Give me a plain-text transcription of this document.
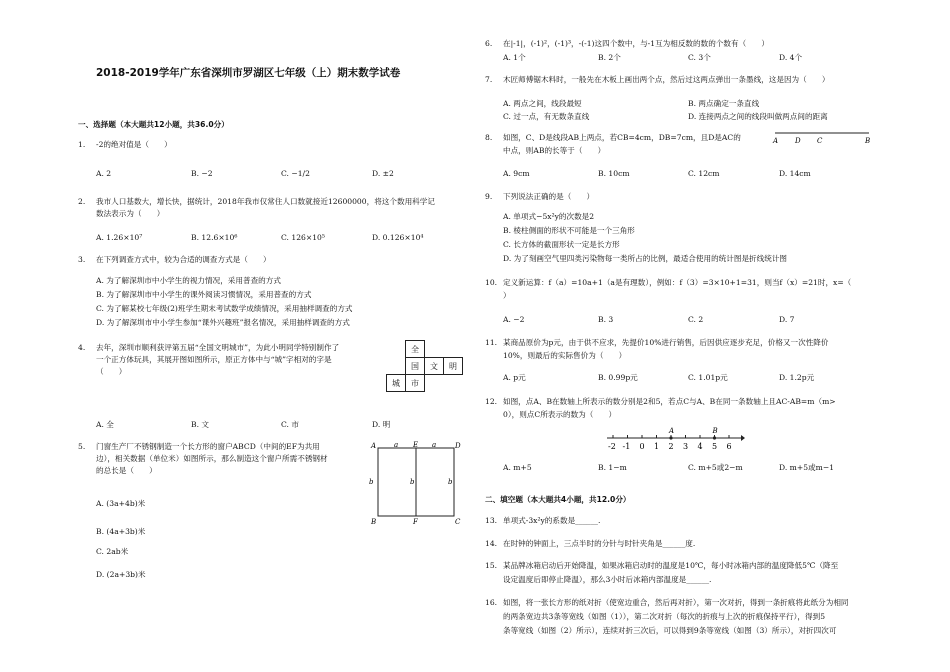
2018-2019学年广东省深圳市罗湖区七年级（上）期末数学试卷
一、选择题（本大题共12小题，共36.0分）
1. -2的绝对值是（　　）
A. 2	B. −2	C. −1/2	D. ±2
2. 我市人口基数大，增长快，据统计，2018年我市仅常住人口数就接近12600000，将这个数用科学记
数法表示为（　　）
A. 1.26×10⁷	B. 12.6×10⁶	C. 126×10⁵	D. 0.126×10⁴
3. 在下列调查方式中，较为合适的调查方式是（　　）
A. 为了解深圳市中小学生的视力情况，采用普查的方式
B. 为了解深圳市中小学生的课外阅读习惯情况，采用普查的方式
C. 为了解某校七年级(2)班学生期末考试数学成绩情况，采用抽样调查的方式
D. 为了解深圳市中小学生参加“课外兴趣班”报名情况，采用抽样调查的方式
4. 去年，深圳市顺利获评第五届“全国文明城市”，为此小明同学特别制作了
一个正方体玩具，其展开图如图所示，原正方体中与“城”字相对的字是
（　　）
	全		
	国	文	明
城	市		
A. 全	B. 文	C. 市	D. 明
5. 门窗生产厂不锈钢制造一个长方形的窗户ABCD（中间的EF为共用
边），相关数据（单位米）如图所示，那么制造这个窗户所需不锈钢材
的总长是（　　）
A. (3a+4b)米
B. (4a+3b)米
C. 2ab米
D. (2a+3b)米
A	a E a	D
b	b	b
B	F	C
6. 在|-1|，(-1)²，(-1)³，-(-1)这四个数中，与-1互为相反数的数的个数有（　　）
A. 1个	B. 2个	C. 3个	D. 4个
7. 木匠师傅锯木料时，一般先在木板上画出两个点，然后过这两点弹出一条墨线，这是因为（　　）
A. 两点之间，线段最短	B. 两点确定一条直线
C. 过一点，有无数条直线	D. 连接两点之间的线段叫做两点间的距离
8. 如图，C、D是线段AB上两点，若CB=4cm，DB=7cm，且D是AC的
中点，则AB的长等于（　　）
A D C	B
A. 9cm	B. 10cm	C. 12cm	D. 14cm
9. 下列说法正确的是（　　）
A. 单项式−5x²y的次数是2
B. 棱柱侧面的形状不可能是一个三角形
C. 长方体的截面形状一定是长方形
D. 为了刻画空气里四类污染物每一类所占的比例，最适合使用的统计图是折线统计图
10. 定义新运算：f（a）=10a+1（a是有理数），例如：f（3）=3×10+1=31，则当f（x）=21时，x=（
）
A. −2	B. 3	C. 2	D. 7
11. 某商品原价为p元，由于供不应求，先提价10%进行销售，后因供应逐步充足，价格又一次性降价
10%，则最后的实际售价为（　　）
A. p元	B. 0.99p元	C. 1.01p元	D. 1.2p元
12. 如图，点A、B在数轴上所表示的数分别是2和5，若点C与A、B在同一条数轴上且AC-AB=m（m>
0），则点C所表示的数为（　　）
-2 -1 0 1 2 3 4 5 6
A	B
A. m+5	B. 1−m	C. m+5或2−m	D. m+5或m−1
二、填空题（本大题共4小题，共12.0分）
13. 单项式-3x²y的系数是______.
14. 在时钟的钟面上，三点半时的分针与时针夹角是______度.
15. 某品牌冰箱启动后开始降温，如果冰箱启动时的温度是10℃，每小时冰箱内部的温度降低5℃（降至
设定温度后即停止降温），那么3小时后冰箱内部温度是______.
16. 如图，将一张长方形的纸对折（使宽边重合，然后再对折），第一次对折，得到一条折痕将此纸分为相同
的两条宽边共3条等宽线（如图（1）），第二次对折（每次的折痕与上次的折痕保持平行），得到5
条等宽线（如图（2）所示），连续对折三次后，可以得到9条等宽线（如图（3）所示），对折四次可
